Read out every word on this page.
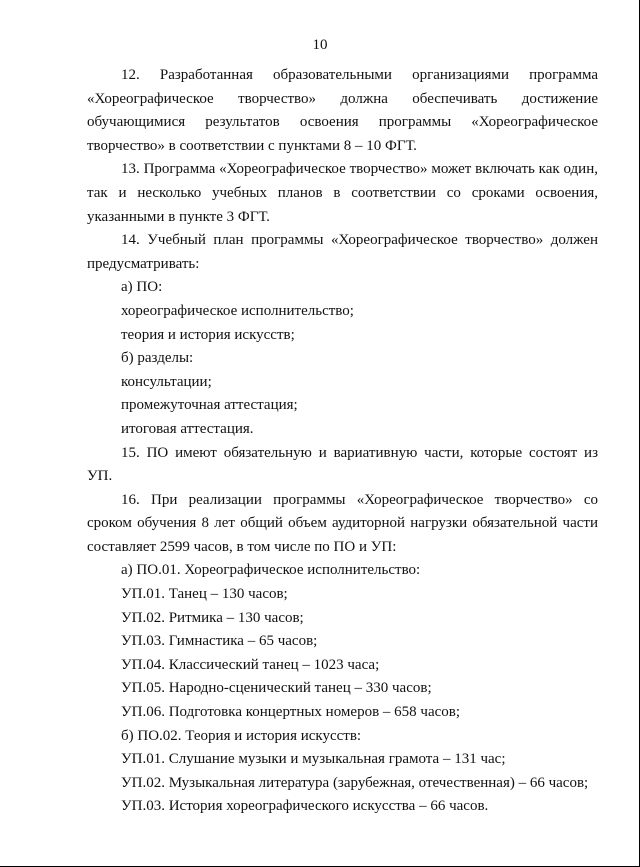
10

12. Разработанная образовательными организациями программа

«Хореографическое творчество» должна обеспечивать достижение обучающимися результатов освоения программы «Хореографическое творчество» в соответствии с пунктами 8 – 10 ФГТ.

13. Программа «Хореографическое творчество» может включать как один, так и несколько учебных планов в соответствии со сроками освоения, указанными в пункте 3 ФГТ.

14. Учебный план программы «Хореографическое творчество» должен предусматривать:

а) ПО:

хореографическое исполнительство;

теория и история искусств;

б) разделы:

консультации;

промежуточная аттестация;

итоговая аттестация.

15. ПО имеют обязательную и вариативную части, которые состоят из УП.

16. При реализации программы «Хореографическое творчество» со сроком обучения 8 лет общий объем аудиторной нагрузки обязательной части составляет 2599 часов, в том числе по ПО и УП:

а) ПО.01. Хореографическое исполнительство:

УП.01. Танец – 130 часов;

УП.02. Ритмика – 130 часов;

УП.03. Гимнастика – 65 часов;

УП.04. Классический танец – 1023 часа;

УП.05. Народно-сценический танец – 330 часов;

УП.06. Подготовка концертных номеров – 658 часов;

б) ПО.02. Теория и история искусств:

УП.01. Слушание музыки и музыкальная грамота – 131 час;

УП.02. Музыкальная литература (зарубежная, отечественная) – 66 часов;

УП.03. История хореографического искусства – 66 часов.
